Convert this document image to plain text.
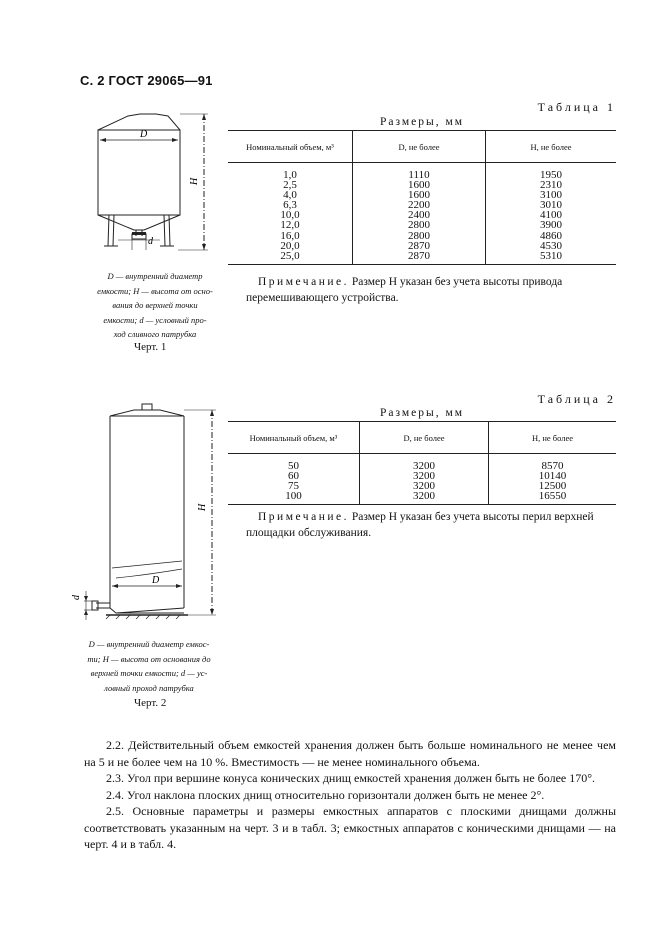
С. 2 ГОСТ 29065—91
D
H
d
D — внутренний диаметр
емкости; Н — высота от осно-
вания до верхней точки
емкости; d — условный про-
ход сливного патрубка
Черт. 1
Таблица 1
Размеры, мм
Номинальный объем, м³	D, не более	Н, не более
1,0	1110	1950
2,5	1600	2310
4,0	1600	3100
6,3	2200	3010
10,0	2400	4100
12,0	2800	3900
16,0	2800	4860
20,0	2870	4530
25,0	2870	5310
Примечание. Размер Н указан без учета высоты привода перемешивающего устройства.
D
H
d
D — внутренний диаметр емкос-
ти; Н — высота от основания до
верхней точки емкости; d — ус-
ловный проход патрубка
Черт. 2
Таблица 2
Размеры, мм
Номинальный объем, м³	D, не более	Н, не более
50	3200	8570
60	3200	10140
75	3200	12500
100	3200	16550
Примечание. Размер Н указан без учета высоты перил верхней площадки обслуживания.

2.2. Действительный объем емкостей хранения должен быть больше номинального не менее чем на 5 и не более чем на 10 %. Вместимость — не менее номинального объема.

2.3. Угол при вершине конуса конических днищ емкостей хранения должен быть не более 170°.

2.4. Угол наклона плоских днищ относительно горизонтали должен быть не менее 2°.

2.5. Основные параметры и размеры емкостных аппаратов с плоскими днищами должны соответствовать указанным на черт. 3 и в табл. 3; емкостных аппаратов с коническими днищами — на черт. 4 и в табл. 4.
